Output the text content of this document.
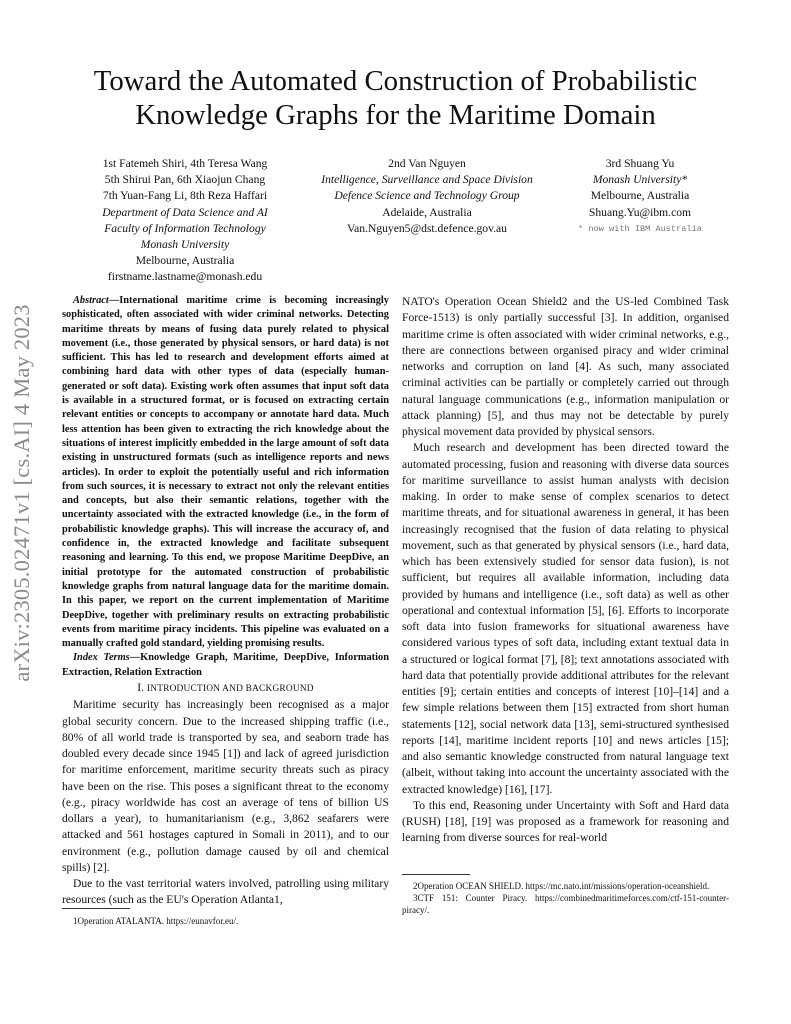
arXiv:2305.02471v1 [cs.AI] 4 May 2023
Toward the Automated Construction of Probabilistic
Knowledge Graphs for the Maritime Domain
1st Fatemeh Shiri, 4th Teresa Wang
5th Shirui Pan, 6th Xiaojun Chang
7th Yuan-Fang Li, 8th Reza Haffari
Department of Data Science and AI
Faculty of Information Technology
Monash University
Melbourne, Australia
firstname.lastname@monash.edu
2nd Van Nguyen
Intelligence, Surveillance and Space Division
Defence Science and Technology Group
Adelaide, Australia
Van.Nguyen5@dst.defence.gov.au
3rd Shuang Yu
Monash University*
Melbourne, Australia
Shuang.Yu@ibm.com
* now with IBM Australia

Abstract—International maritime crime is becoming increasingly sophisticated, often associated with wider criminal networks. Detecting maritime threats by means of fusing data purely related to physical movement (i.e., those generated by physical sensors, or hard data) is not sufficient. This has led to research and development efforts aimed at combining hard data with other types of data (especially human-generated or soft data). Existing work often assumes that input soft data is available in a structured format, or is focused on extracting certain relevant entities or concepts to accompany or annotate hard data. Much less attention has been given to extracting the rich knowledge about the situations of interest implicitly embedded in the large amount of soft data existing in unstructured formats (such as intelligence reports and news articles). In order to exploit the potentially useful and rich information from such sources, it is necessary to extract not only the relevant entities and concepts, but also their semantic relations, together with the uncertainty associated with the extracted knowledge (i.e., in the form of probabilistic knowledge graphs). This will increase the accuracy of, and confidence in, the extracted knowledge and facilitate subsequent reasoning and learning. To this end, we propose Maritime DeepDive, an initial prototype for the automated construction of probabilistic knowledge graphs from natural language data for the maritime domain. In this paper, we report on the current implementation of Maritime DeepDive, together with preliminary results on extracting probabilistic events from maritime piracy incidents. This pipeline was evaluated on a manually crafted gold standard, yielding promising results.

Index Terms—Knowledge Graph, Maritime, DeepDive, Information Extraction, Relation Extraction

I. INTRODUCTION AND BACKGROUND

Maritime security has increasingly been recognised as a major global security concern. Due to the increased shipping traffic (i.e., 80% of all world trade is transported by sea, and seaborn trade has doubled every decade since 1945 [1]) and lack of agreed jurisdiction for maritime enforcement, maritime security threats such as piracy have been on the rise. This poses a significant threat to the economy (e.g., piracy worldwide has cost an average of tens of billion US dollars a year), to humanitarianism (e.g., 3,862 seafarers were attacked and 561 hostages captured in Somali in 2011), and to our environment (e.g., pollution damage caused by oil and chemical spills) [2].

Due to the vast territorial waters involved, patrolling using military resources (such as the EU's Operation Atlanta1,

1Operation ATALANTA. https://eunavfor.eu/.

NATO's Operation Ocean Shield2 and the US-led Combined Task Force-1513) is only partially successful [3]. In addition, organised maritime crime is often associated with wider criminal networks, e.g., there are connections between organised piracy and wider criminal networks and corruption on land [4]. As such, many associated criminal activities can be partially or completely carried out through natural language communications (e.g., information manipulation or attack planning) [5], and thus may not be detectable by purely physical movement data provided by physical sensors.

Much research and development has been directed toward the automated processing, fusion and reasoning with diverse data sources for maritime surveillance to assist human analysts with decision making. In order to make sense of complex scenarios to detect maritime threats, and for situational awareness in general, it has been increasingly recognised that the fusion of data relating to physical movement, such as that generated by physical sensors (i.e., hard data, which has been extensively studied for sensor data fusion), is not sufficient, but requires all available information, including data provided by humans and intelligence (i.e., soft data) as well as other operational and contextual information [5], [6]. Efforts to incorporate soft data into fusion frameworks for situational awareness have considered various types of soft data, including extant textual data in a structured or logical format [7], [8]; text annotations associated with hard data that potentially provide additional attributes for the relevant entities [9]; certain entities and concepts of interest [10]–[14] and a few simple relations between them [15] extracted from short human statements [12], social network data [13], semi-structured synthesised reports [14], maritime incident reports [10] and news articles [15]; and also semantic knowledge constructed from natural language text (albeit, without taking into account the uncertainty associated with the extracted knowledge) [16], [17].

To this end, Reasoning under Uncertainty with Soft and Hard data (RUSH) [18], [19] was proposed as a framework for reasoning and learning from diverse sources for real-world

2Operation OCEAN SHIELD. https://mc.nato.int/missions/operation-oceanshield.

3CTF 151: Counter Piracy. https://combinedmaritimeforces.com/ctf-151-counter-piracy/.
